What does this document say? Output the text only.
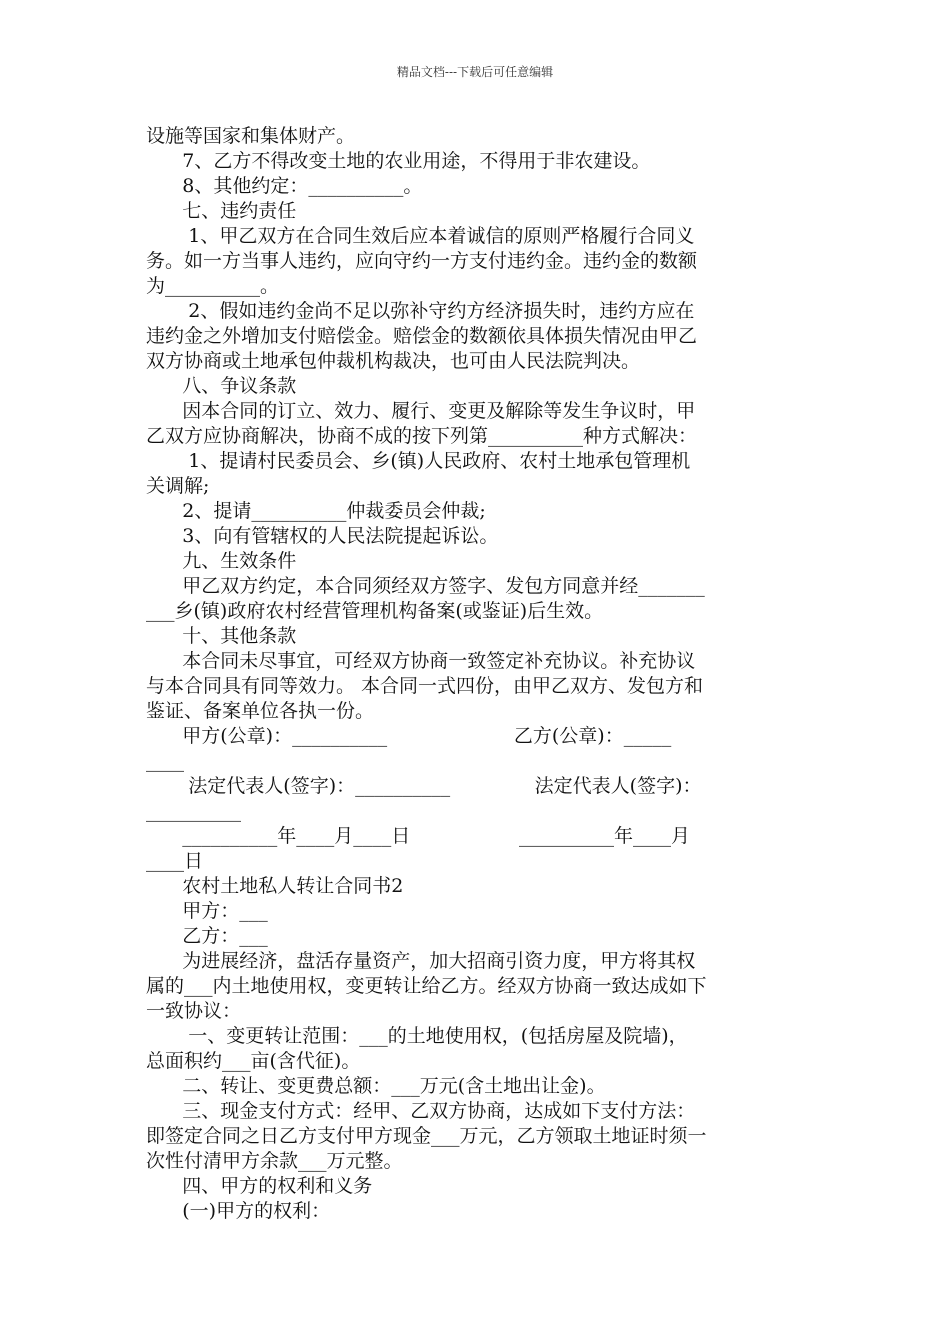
精品文档---下载后可任意编辑
设施等国家和集体财产。
7、乙方不得改变土地的农业用途，不得用于非农建设。
8、其他约定：__________。
七、违约责任
1、甲乙双方在合同生效后应本着诚信的原则严格履行合同义
务。如一方当事人违约，应向守约一方支付违约金。违约金的数额
为__________。
2、假如违约金尚不足以弥补守约方经济损失时，违约方应在
违约金之外增加支付赔偿金。赔偿金的数额依具体损失情况由甲乙
双方协商或土地承包仲裁机构裁决，也可由人民法院判决。
八、争议条款
因本合同的订立、效力、履行、变更及解除等发生争议时，甲
乙双方应协商解决，协商不成的按下列第__________种方式解决：
1、提请村民委员会、乡(镇)人民政府、农村土地承包管理机
关调解;
2、提请__________仲裁委员会仲裁;
3、向有管辖权的人民法院提起诉讼。
九、生效条件
甲乙双方约定，本合同须经双方签字、发包方同意并经_______
___乡(镇)政府农村经营管理机构备案(或鉴证)后生效。
十、其他条款
本合同未尽事宜，可经双方协商一致签定补充协议。补充协议
与本合同具有同等效力。 本合同一式四份，由甲乙双方、发包方和
鉴证、备案单位各执一份。
甲方(公章)：__________                     乙方(公章)：_____
____
法定代表人(签字)：__________              法定代表人(签字)：
__________
__________年____月____日                  __________年____月
____日
农村土地私人转让合同书2
甲方：___
乙方：___
为进展经济，盘活存量资产，加大招商引资力度，甲方将其权
属的___内土地使用权，变更转让给乙方。经双方协商一致达成如下
一致协议：
一、变更转让范围：___的土地使用权，(包括房屋及院墙)，
总面积约___亩(含代征)。
二、转让、变更费总额：___万元(含土地出让金)。
三、现金支付方式：经甲、乙双方协商，达成如下支付方法：
即签定合同之日乙方支付甲方现金___万元，乙方领取土地证时须一
次性付清甲方余款___万元整。
四、甲方的权利和义务
(一)甲方的权利：
